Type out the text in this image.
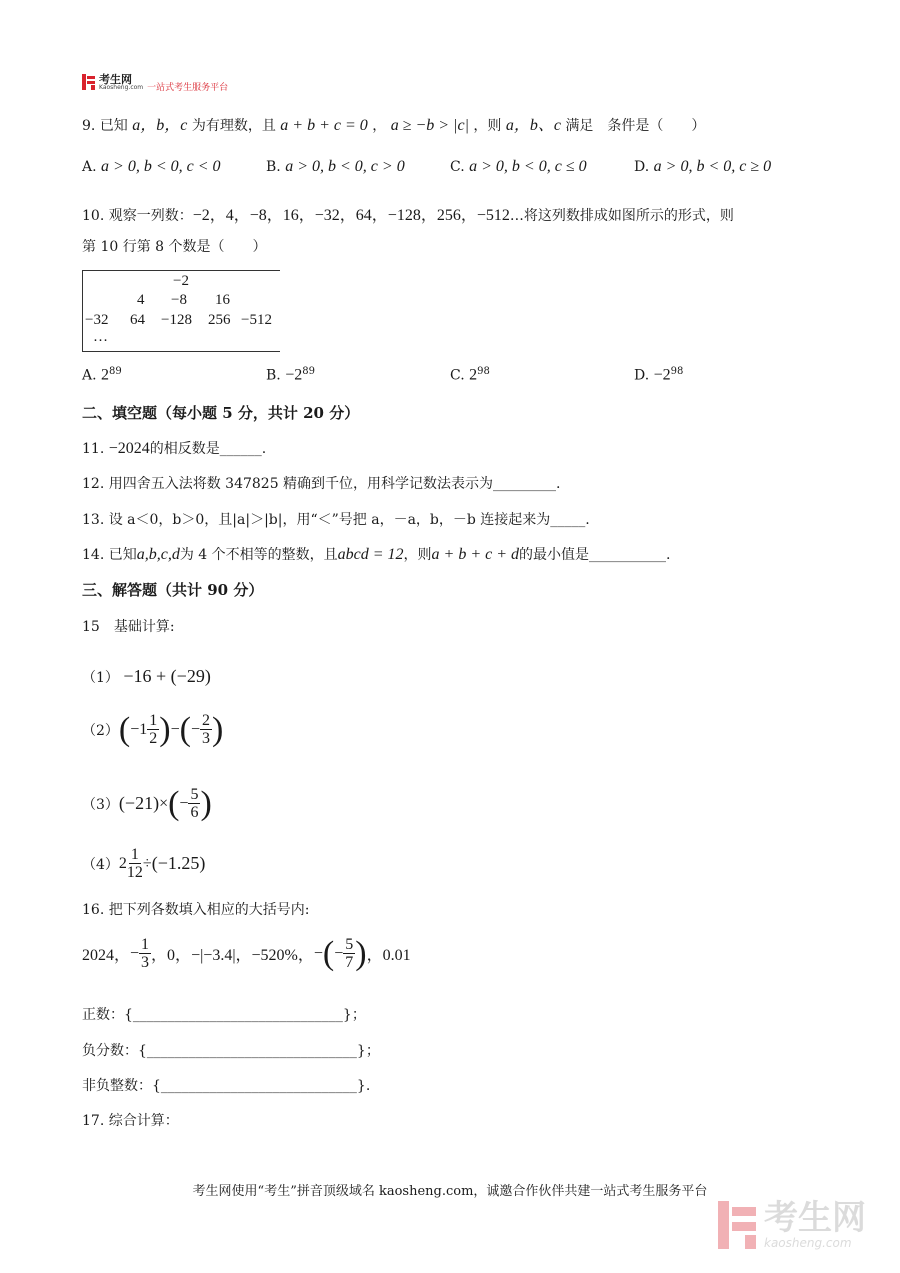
考生网
Kaosheng.com 一站式考生服务平台
9. 已知 a，b，c 为有理数，且 a + b + c = 0 ， a ≥ −b > |c| ，则 a，b、c 满足　条件是（　　）
A. a > 0, b < 0, c < 0	B. a > 0, b < 0, c > 0	C. a > 0, b < 0, c ≤ 0	D. a > 0, b < 0, c ≥ 0
10. 观察一列数：−2，4，−8，16，−32，64，−128，256，−512…将这列数排成如图所示的形式，则
第 10 行第 8 个数是（　　）
−2
4 −8 16
−32 64 −128 256 −512
…
A. $2^{89}$	B. $-2^{89}$	C. $2^{98}$	D. $-2^{98}$
二、填空题（每小题 5 分，共计 20 分）
11. −2024的相反数是______.
12. 用四舍五入法将数 347825 精确到千位，用科学记数法表示为_________.
13. 设 a＜0，b＞0，且|a|＞|b|，用“＜”号把 a，－a，b，－b 连接起来为_____.
14. 已知a,b,c,d为 4 个不相等的整数，且abcd = 12，则a + b + c + d的最小值是___________.
三、解答题（共计 90 分）
15　基础计算:
（1） −16 + (−29)
（2） ( $-1 \frac{1}{2}$ ) − ( − $\frac{2}{3}$ )
（3） (−21) × ( − $\frac{5}{6}$ )
（4） $2 \frac{1}{12} \div (-1.25)$
16. 把下列各数填入相应的大括号内:
2024， − $\frac{1}{3}$ ，0， −|−3.4|， −520%， − ( − $\frac{5}{7}$ ) ，0.01
正数：{______________________________}；
负分数：{______________________________}；
非负整数：{____________________________}.
17. 综合计算：
考生网使用“考生”拼音顶级域名 kaosheng.com，诚邀合作伙伴共建一站式考生服务平台
考生网
kaosheng.com
